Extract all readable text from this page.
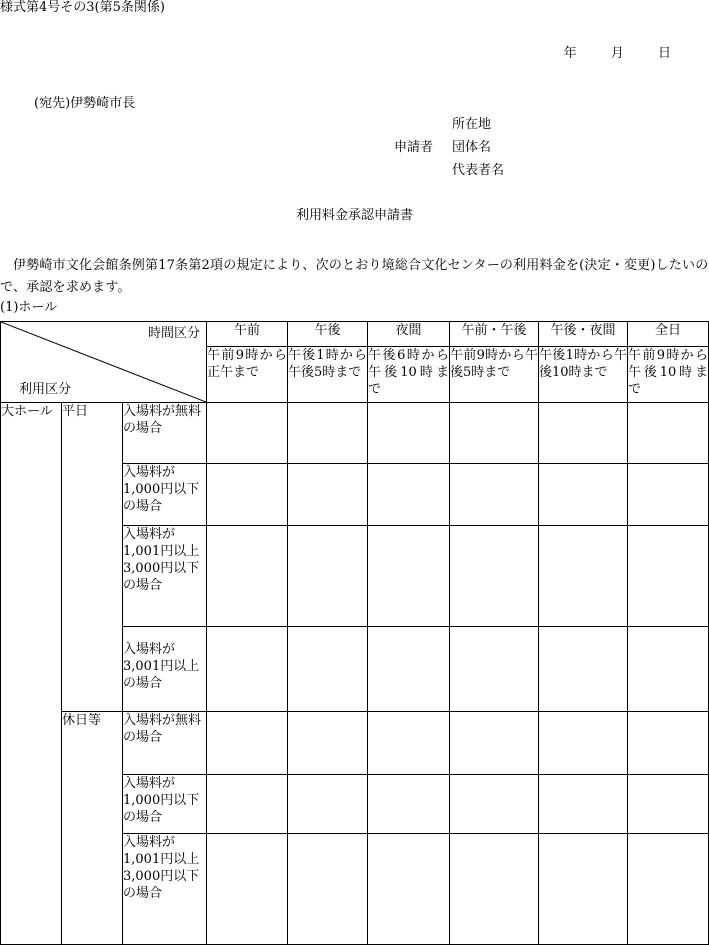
様式第4号その3(第5条関係)
年	月	日
(宛先)伊勢崎市長
申請者
所在地
団体名
代表者名
利用料金承認申請書
伊勢崎市文化会館条例第17条第2項の規定により、次のとおり境総合文化センターの利用料金を(決定・変更)したいので、承認を求めます。
(1)ホール
時間区分
利用区分			午前	午後	夜間	午前・午後	午後・夜間	全日
			午前9時から正午まで	午後1時から午後5時まで	午後6時から午後10時まで	午前9時から午後5時まで	午後1時から午後10時まで	午前9時から午後10時まで
大ホール	平日	入場料が無料の場合						
		入場料が1,000円以下の場合						
		入場料が1,001円以上3,000円以下の場合						
		入場料が3,001円以上の場合						
	休日等	入場料が無料の場合						
		入場料が1,000円以下の場合						
		入場料が1,001円以上3,000円以下の場合						
